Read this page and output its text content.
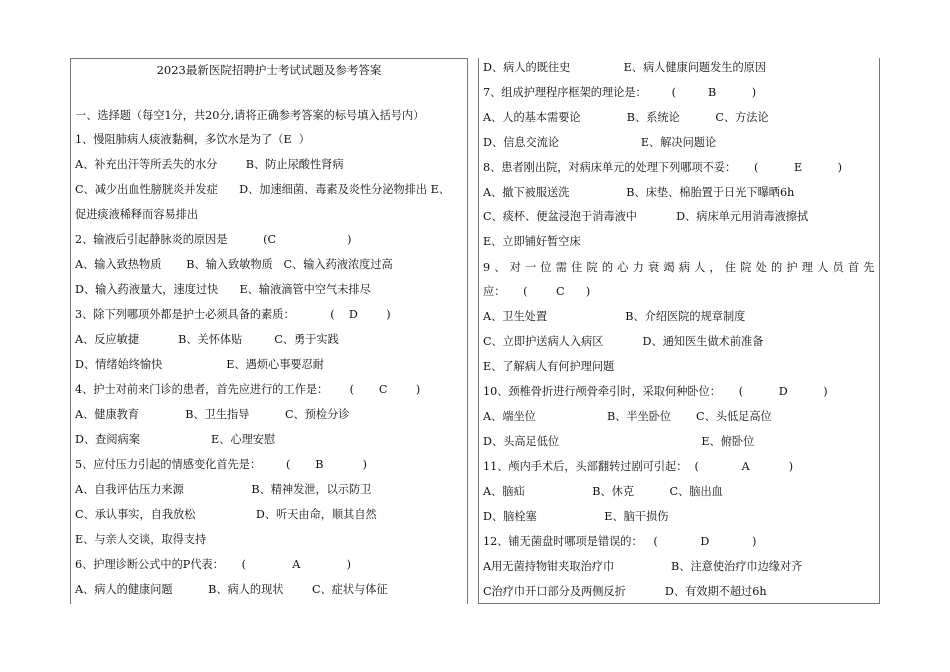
2023最新医院招聘护士考试试题及参考答案
一、选择题（每空1分，共20分,请将正确参考答案的标号填入括号内）
1、慢阻肺病人痰液黏稠，多饮水是为了（E  ）
A、补充出汗等所丢失的水分        B、防止尿酸性肾病
C、减少出血性膀胱炎并发症      D、加速细菌、毒素及炎性分泌物排出 E、
促进痰液稀释而容易排出
2、输液后引起静脉炎的原因是          (C                    )
A、输入致热物质       B、输入致敏物质   C、输入药液浓度过高
D、输入药液量大，速度过快      E、输液滴管中空气未排尽
3、除下列哪项外都是护士必须具备的素质：          (    D        )
A、反应敏捷           B、关怀体贴         C、勇于实践
D、情绪始终愉快                  E、遇烦心事要忍耐
4、护士对前来门诊的患者，首先应进行的工作是：      (       C        )
A、健康教育             B、卫生指导          C、预检分诊
D、查阅病案                    E、心理安慰
5、应付压力引起的情感变化首先是：       (       B           )
A、自我评估压力来源                   B、精神发泄，以示防卫
C、承认事实，自我放松                 D、听天由命，顺其自然
E、与亲人交谈，取得支持
6、护理诊断公式中的P代表：     (             A             )
A、病人的健康问题          B、病人的现状        C、症状与体征
D、病人的既往史               E、病人健康问题发生的原因
7、组成护理程序框架的理论是：       (         B          )
A、人的基本需要论             B、系统论          C、方法论
D、信息交流论                       E、解决问题论
8、患者刚出院，对病床单元的处理下列哪项不妥：     (          E          )
A、撤下被服送洗                B、床垫、棉胎置于日光下曝晒6h
C、痰杯、便盆浸泡于消毒液中           D、病床单元用消毒液擦拭
E、立即铺好暂空床
9、对一位需住院的心力衰竭病人，住院处的护理人员首先
应：     (        C      )
A、卫生处置                      B、介绍医院的规章制度
C、立即护送病人入病区           D、通知医生做术前准备
E、了解病人有何护理问题
10、颈椎骨折进行颅骨牵引时，采取何种卧位：     (          D          )
A、端坐位                    B、半坐卧位       C、头低足高位
D、头高足低位                                        E、俯卧位
11、颅内手术后，头部翻转过剧可引起：  (            A           )
A、脑疝                   B、休克          C、脑出血
D、脑栓塞                   E、脑干损伤
12、铺无菌盘时哪项是错误的：   (            D            )
A用无菌持物钳夹取治疗巾                B、注意使治疗巾边缘对齐
C治疗巾开口部分及两侧反折           D、有效期不超过6h
